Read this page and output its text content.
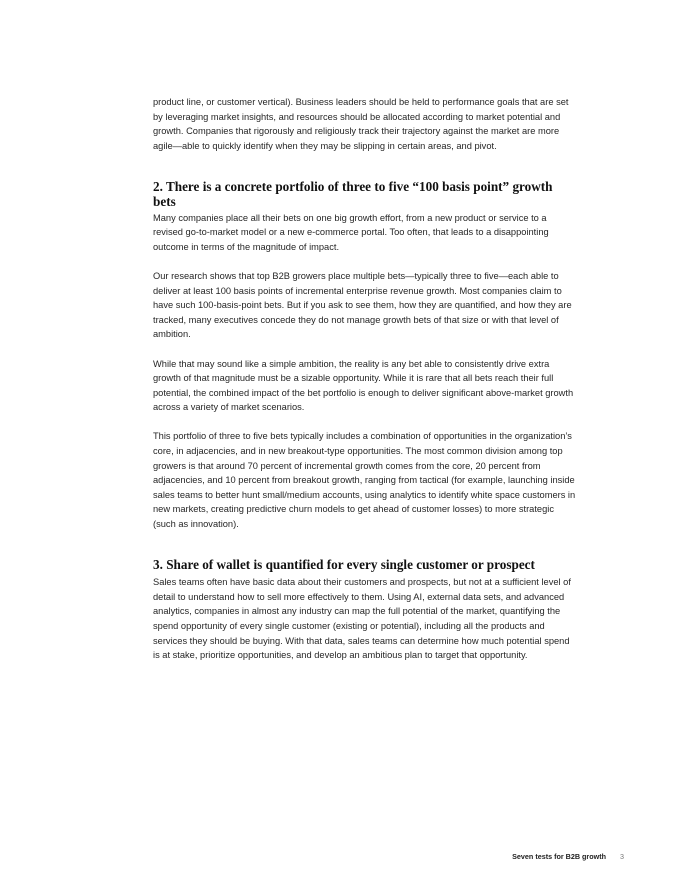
product line, or customer vertical). Business leaders should be held to performance goals that are set by leveraging market insights, and resources should be allocated according to market potential and growth. Companies that rigorously and religiously track their trajectory against the market are more agile—able to quickly identify when they may be slipping in certain areas, and pivot.

2. There is a concrete portfolio of three to five “100 basis point” growth bets

Many companies place all their bets on one big growth effort, from a new product or service to a revised go-to-market model or a new e-commerce portal. Too often, that leads to a disappointing outcome in terms of the magnitude of impact.

Our research shows that top B2B growers place multiple bets—typically three to five—each able to deliver at least 100 basis points of incremental enterprise revenue growth. Most companies claim to have such 100-basis-point bets. But if you ask to see them, how they are quantified, and how they are tracked, many executives concede they do not manage growth bets of that size or with that level of ambition.

While that may sound like a simple ambition, the reality is any bet able to consistently drive extra growth of that magnitude must be a sizable opportunity. While it is rare that all bets reach their full potential, the combined impact of the bet portfolio is enough to deliver significant above-market growth across a variety of market scenarios.

This portfolio of three to five bets typically includes a combination of opportunities in the organization’s core, in adjacencies, and in new breakout-type opportunities. The most common division among top growers is that around 70 percent of incremental growth comes from the core, 20 percent from adjacencies, and 10 percent from breakout growth, ranging from tactical (for example, launching inside sales teams to better hunt small/medium accounts, using analytics to identify white space customers in new markets, creating predictive churn models to get ahead of customer losses) to more strategic (such as innovation).

3. Share of wallet is quantified for every single customer or prospect

Sales teams often have basic data about their customers and prospects, but not at a sufficient level of detail to understand how to sell more effectively to them. Using AI, external data sets, and advanced analytics, companies in almost any industry can map the full potential of the market, quantifying the spend opportunity of every single customer (existing or potential), including all the products and services they should be buying. With that data, sales teams can determine how much potential spend is at stake, prioritize opportunities, and develop an ambitious plan to target that opportunity.

Seven tests for B2B growth 3
